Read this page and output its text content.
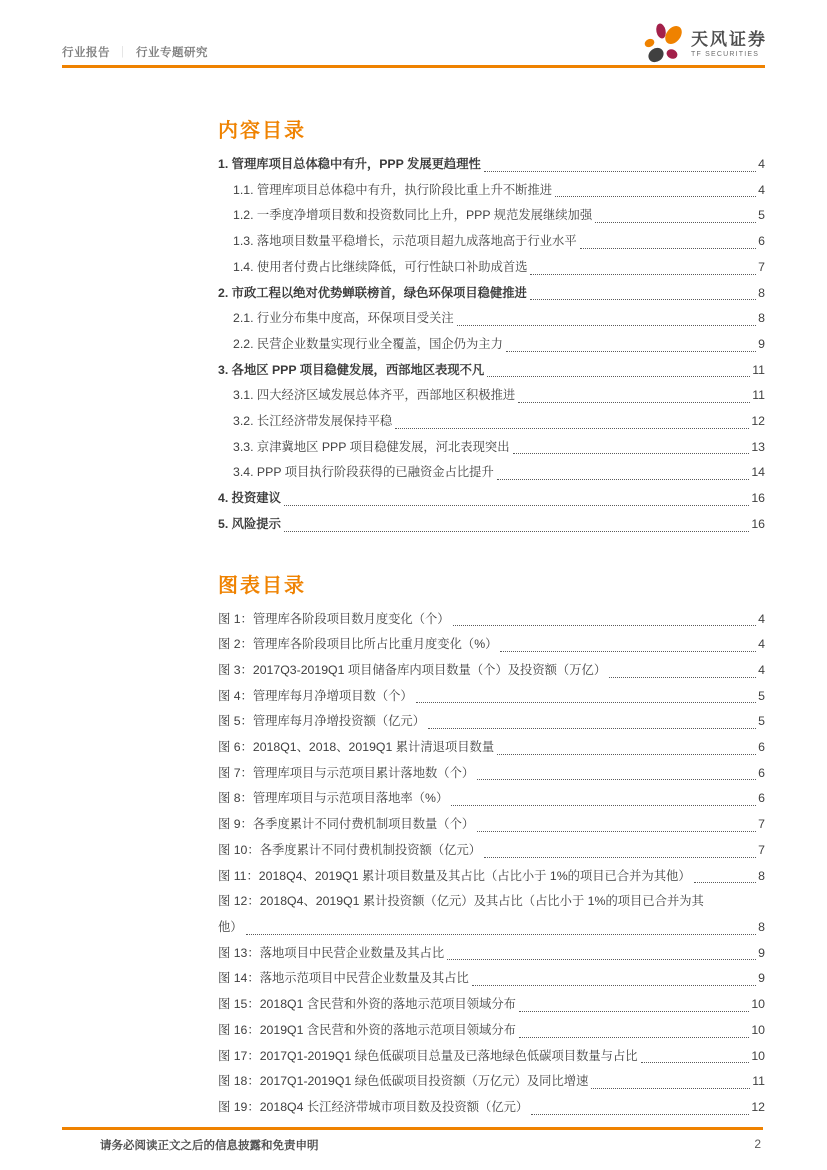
行业报告 ｜ 行业专题研究
天风证券
TF SECURITIES
内容目录
1. 管理库项目总体稳中有升，PPP 发展更趋理性	4
1.1. 管理库项目总体稳中有升，执行阶段比重上升不断推进	4
1.2. 一季度净增项目数和投资数同比上升，PPP 规范发展继续加强	5
1.3. 落地项目数量平稳增长，示范项目超九成落地高于行业水平	6
1.4. 使用者付费占比继续降低，可行性缺口补助成首选	7
2. 市政工程以绝对优势蝉联榜首，绿色环保项目稳健推进	8
2.1. 行业分布集中度高，环保项目受关注	8
2.2. 民营企业数量实现行业全覆盖，国企仍为主力	9
3. 各地区 PPP 项目稳健发展，西部地区表现不凡	11
3.1. 四大经济区域发展总体齐平，西部地区积极推进	11
3.2. 长江经济带发展保持平稳	12
3.3. 京津冀地区 PPP 项目稳健发展，河北表现突出	13
3.4. PPP 项目执行阶段获得的已融资金占比提升	14
4. 投资建议	16
5. 风险提示	16
图表目录
图 1：管理库各阶段项目数月度变化（个）	4
图 2：管理库各阶段项目比所占比重月度变化（%）	4
图 3：2017Q3-2019Q1 项目储备库内项目数量（个）及投资额（万亿）	4
图 4：管理库每月净增项目数（个）	5
图 5：管理库每月净增投资额（亿元）	5
图 6：2018Q1、2018、2019Q1 累计清退项目数量	6
图 7：管理库项目与示范项目累计落地数（个）	6
图 8：管理库项目与示范项目落地率（%）	6
图 9：各季度累计不同付费机制项目数量（个）	7
图 10：各季度累计不同付费机制投资额（亿元）	7
图 11：2018Q4、2019Q1 累计项目数量及其占比（占比小于 1%的项目已合并为其他）	8
图 12：2018Q4、2019Q1 累计投资额（亿元）及其占比（占比小于 1%的项目已合并为其
他）	8
图 13：落地项目中民营企业数量及其占比	9
图 14：落地示范项目中民营企业数量及其占比	9
图 15：2018Q1 含民营和外资的落地示范项目领域分布	10
图 16：2019Q1 含民营和外资的落地示范项目领域分布	10
图 17：2017Q1-2019Q1 绿色低碳项目总量及已落地绿色低碳项目数量与占比	10
图 18：2017Q1-2019Q1 绿色低碳项目投资额（万亿元）及同比增速	11
图 19：2018Q4 长江经济带城市项目数及投资额（亿元）	12
请务必阅读正文之后的信息披露和免责申明	2
